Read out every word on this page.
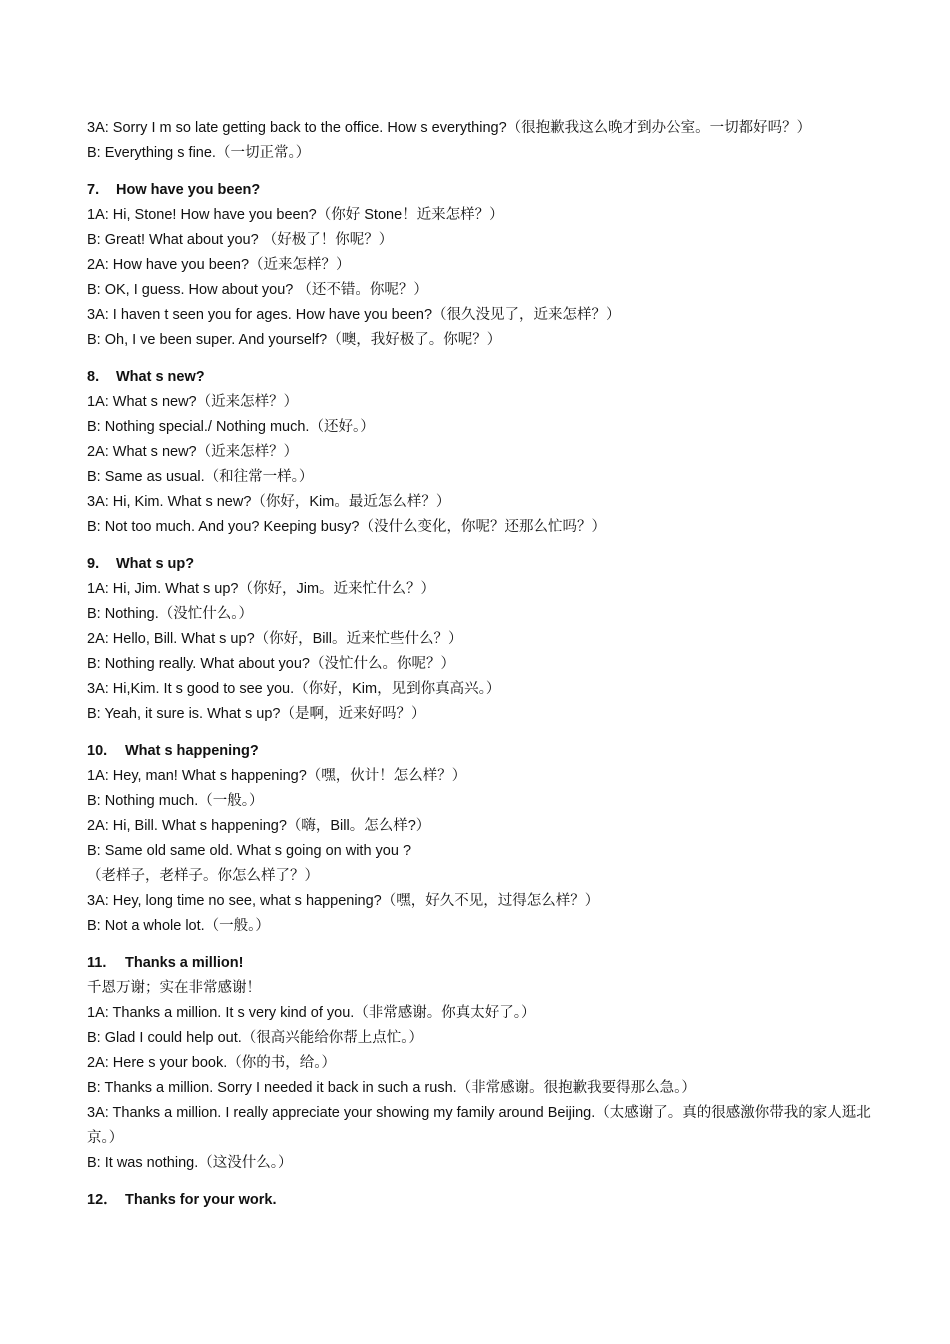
3A: Sorry I m so late getting back to the office. How s everything?（很抱歉我这么晚才到办公室。一切都好吗？）
B: Everything s fine.（一切正常。）
7. How have you been?
1A: Hi, Stone! How have you been?（你好 Stone！近来怎样？）
B: Great! What about you? （好极了！你呢？）
2A: How have you been?（近来怎样？）
B: OK, I guess. How about you? （还不错。你呢？）
3A: I haven t seen you for ages. How have you been?（很久没见了，近来怎样？）
B: Oh, I ve been super. And yourself?（噢，我好极了。你呢？）
8. What s new?
1A: What s new?（近来怎样？）
B: Nothing special./ Nothing much.（还好。）
2A: What s new?（近来怎样？）
B: Same as usual.（和往常一样。）
3A: Hi, Kim. What s new?（你好，Kim。最近怎么样？）
B: Not too much. And you? Keeping busy?（没什么变化，你呢？还那么忙吗？）
9. What s up?
1A: Hi, Jim. What s up?（你好，Jim。近来忙什么？）
B: Nothing.（没忙什么。）
2A: Hello, Bill. What s up?（你好，Bill。近来忙些什么？）
B: Nothing really. What about you?（没忙什么。你呢？）
3A: Hi,Kim. It s good to see you.（你好，Kim，见到你真高兴。）
B: Yeah, it sure is. What s up?（是啊，近来好吗？）
10. What s happening?
1A: Hey, man! What s happening?（嘿，伙计！怎么样？）
B: Nothing much.（一般。）
2A: Hi, Bill. What s happening?（嗨，Bill。怎么样?）
B: Same old same old. What s going on with you ?
（老样子，老样子。你怎么样了？）
3A: Hey, long time no see, what s happening?（嘿，好久不见，过得怎么样？）
B: Not a whole lot.（一般。）
11. Thanks a million!
千恩万谢；实在非常感谢！
1A: Thanks a million. It s very kind of you.（非常感谢。你真太好了。）
B: Glad I could help out.（很高兴能给你帮上点忙。）
2A: Here s your book.（你的书，给。）
B: Thanks a million. Sorry I needed it back in such a rush.（非常感谢。很抱歉我要得那么急。）
3A: Thanks a million. I really appreciate your showing my family around Beijing.（太感谢了。真的很感激你带我的家人逛北京。）
B: It was nothing.（这没什么。）
12． Thanks for your work.
